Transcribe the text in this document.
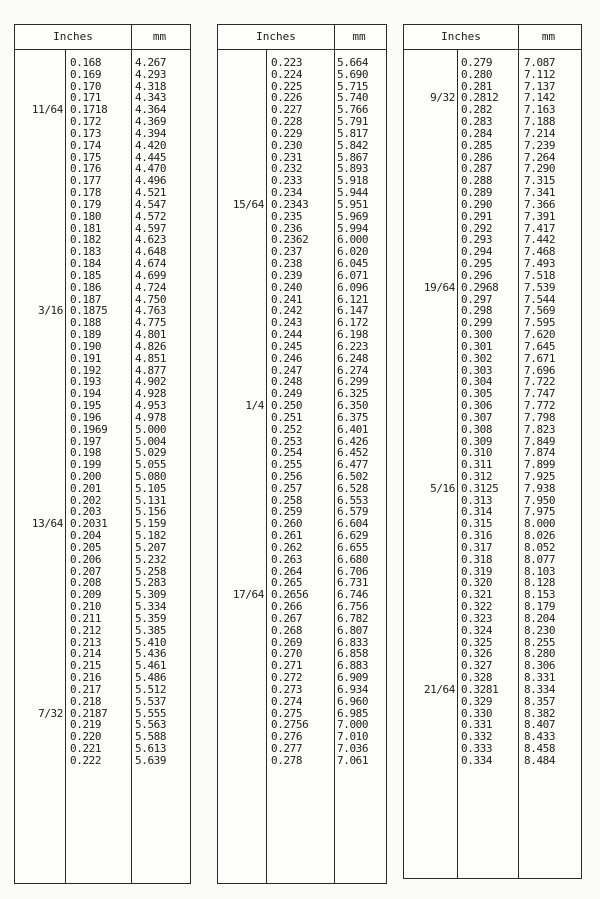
Inches	mm
0.168	4.267
0.169	4.293
0.170	4.318
0.171	4.343
11/64 0.1718	4.364
0.172	4.369
0.173	4.394
0.174	4.420
0.175	4.445
0.176	4.470
0.177	4.496
0.178	4.521
0.179	4.547
0.180	4.572
0.181	4.597
0.182	4.623
0.183	4.648
0.184	4.674
0.185	4.699
0.186	4.724
0.187	4.750
3/16 0.1875	4.763
0.188	4.775
0.189	4.801
0.190	4.826
0.191	4.851
0.192	4.877
0.193	4.902
0.194	4.928
0.195	4.953
0.196	4.978
0.1969	5.000
0.197	5.004
0.198	5.029
0.199	5.055
0.200	5.080
0.201	5.105
0.202	5.131
0.203	5.156
13/64 0.2031	5.159
0.204	5.182
0.205	5.207
0.206	5.232
0.207	5.258
0.208	5.283
0.209	5.309
0.210	5.334
0.211	5.359
0.212	5.385
0.213	5.410
0.214	5.436
0.215	5.461
0.216	5.486
0.217	5.512
0.218	5.537
7/32 0.2187	5.555
0.219	5.563
0.220	5.588
0.221	5.613
0.222	5.639
Inches	mm
0.223	5.664
0.224	5.690
0.225	5.715
0.226	5.740
0.227	5.766
0.228	5.791
0.229	5.817
0.230	5.842
0.231	5.867
0.232	5.893
0.233	5.918
0.234	5.944
15/64 0.2343	5.951
0.235	5.969
0.236	5.994
0.2362	6.000
0.237	6.020
0.238	6.045
0.239	6.071
0.240	6.096
0.241	6.121
0.242	6.147
0.243	6.172
0.244	6.198
0.245	6.223
0.246	6.248
0.247	6.274
0.248	6.299
0.249	6.325
1/4 0.250	6.350
0.251	6.375
0.252	6.401
0.253	6.426
0.254	6.452
0.255	6.477
0.256	6.502
0.257	6.528
0.258	6.553
0.259	6.579
0.260	6.604
0.261	6.629
0.262	6.655
0.263	6.680
0.264	6.706
0.265	6.731
17/64 0.2656	6.746
0.266	6.756
0.267	6.782
0.268	6.807
0.269	6.833
0.270	6.858
0.271	6.883
0.272	6.909
0.273	6.934
0.274	6.960
0.275	6.985
0.2756	7.000
0.276	7.010
0.277	7.036
0.278	7.061
Inches	mm
0.279	7.087
0.280	7.112
0.281	7.137
9/32 0.2812 7.142
0.282	7.163
0.283	7.188
0.284	7.214
0.285	7.239
0.286	7.264
0.287	7.290
0.288	7.315
0.289	7.341
0.290	7.366
0.291	7.391
0.292	7.417
0.293	7.442
0.294	7.468
0.295	7.493
0.296	7.518
19/64 0.2968 7.539
0.297	7.544
0.298	7.569
0.299	7.595
0.300	7.620
0.301	7.645
0.302	7.671
0.303	7.696
0.304	7.722
0.305	7.747
0.306	7.772
0.307	7.798
0.308	7.823
0.309	7.849
0.310	7.874
0.311	7.899
0.312	7.925
5/16 0.3125 7.938
0.313	7.950
0.314	7.975
0.315	8.000
0.316	8.026
0.317	8.052
0.318	8.077
0.319	8.103
0.320	8.128
0.321	8.153
0.322	8.179
0.323	8.204
0.324	8.230
0.325	8.255
0.326	8.280
0.327	8.306
0.328	8.331
21/64 0.3281 8.334
0.329	8.357
0.330	8.382
0.331	8.407
0.332	8.433
0.333	8.458
0.334	8.484
